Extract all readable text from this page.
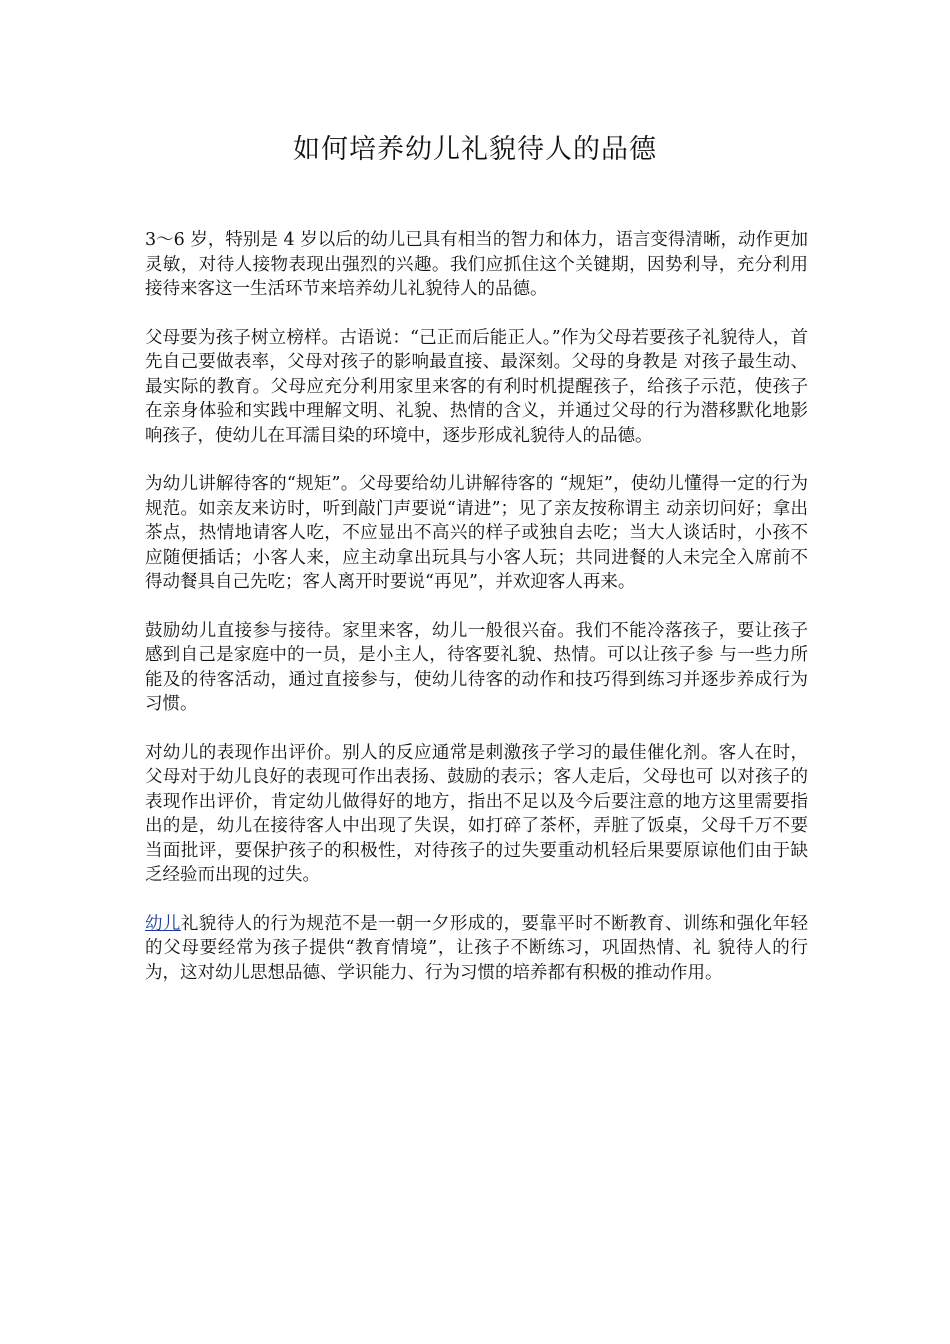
如何培养幼儿礼貌待人的品德

3～6 岁，特别是 4 岁以后的幼儿已具有相当的智力和体力，语言变得清晰，动作更加灵敏，对待人接物表现出强烈的兴趣。我们应抓住这个关键期，因势利导，充分利用接待来客这一生活环节来培养幼儿礼貌待人的品德。

父母要为孩子树立榜样。古语说：“己正而后能正人。”作为父母若要孩子礼貌待人，首先自己要做表率，父母对孩子的影响最直接、最深刻。父母的身教是 对孩子最生动、最实际的教育。父母应充分利用家里来客的有利时机提醒孩子，给孩子示范，使孩子在亲身体验和实践中理解文明、礼貌、热情的含义，并通过父母的行为潜移默化地影响孩子，使幼儿在耳濡目染的环境中，逐步形成礼貌待人的品德。

为幼儿讲解待客的“规矩”。父母要给幼儿讲解待客的 “规矩”，使幼儿懂得一定的行为规范。如亲友来访时，听到敲门声要说“请进”；见了亲友按称谓主 动亲切问好；拿出茶点，热情地请客人吃，不应显出不高兴的样子或独自去吃；当大人谈话时，小孩不应随便插话；小客人来，应主动拿出玩具与小客人玩；共同进餐的人未完全入席前不得动餐具自己先吃；客人离开时要说“再见”，并欢迎客人再来。

鼓励幼儿直接参与接待。家里来客，幼儿一般很兴奋。我们不能冷落孩子，要让孩子感到自己是家庭中的一员，是小主人，待客要礼貌、热情。可以让孩子参 与一些力所能及的待客活动，通过直接参与，使幼儿待客的动作和技巧得到练习并逐步养成行为习惯。

对幼儿的表现作出评价。别人的反应通常是刺激孩子学习的最佳催化剂。客人在时，父母对于幼儿良好的表现可作出表扬、鼓励的表示；客人走后，父母也可 以对孩子的表现作出评价，肯定幼儿做得好的地方，指出不足以及今后要注意的地方这里需要指出的是，幼儿在接待客人中出现了失误，如打碎了茶杯，弄脏了饭桌，父母千万不要当面批评，要保护孩子的积极性，对待孩子的过失要重动机轻后果要原谅他们由于缺乏经验而出现的过失。

幼儿礼貌待人的行为规范不是一朝一夕形成的，要靠平时不断教育、训练和强化年轻的父母要经常为孩子提供“教育情境”，让孩子不断练习，巩固热情、礼 貌待人的行为，这对幼儿思想品德、学识能力、行为习惯的培养都有积极的推动作用。
